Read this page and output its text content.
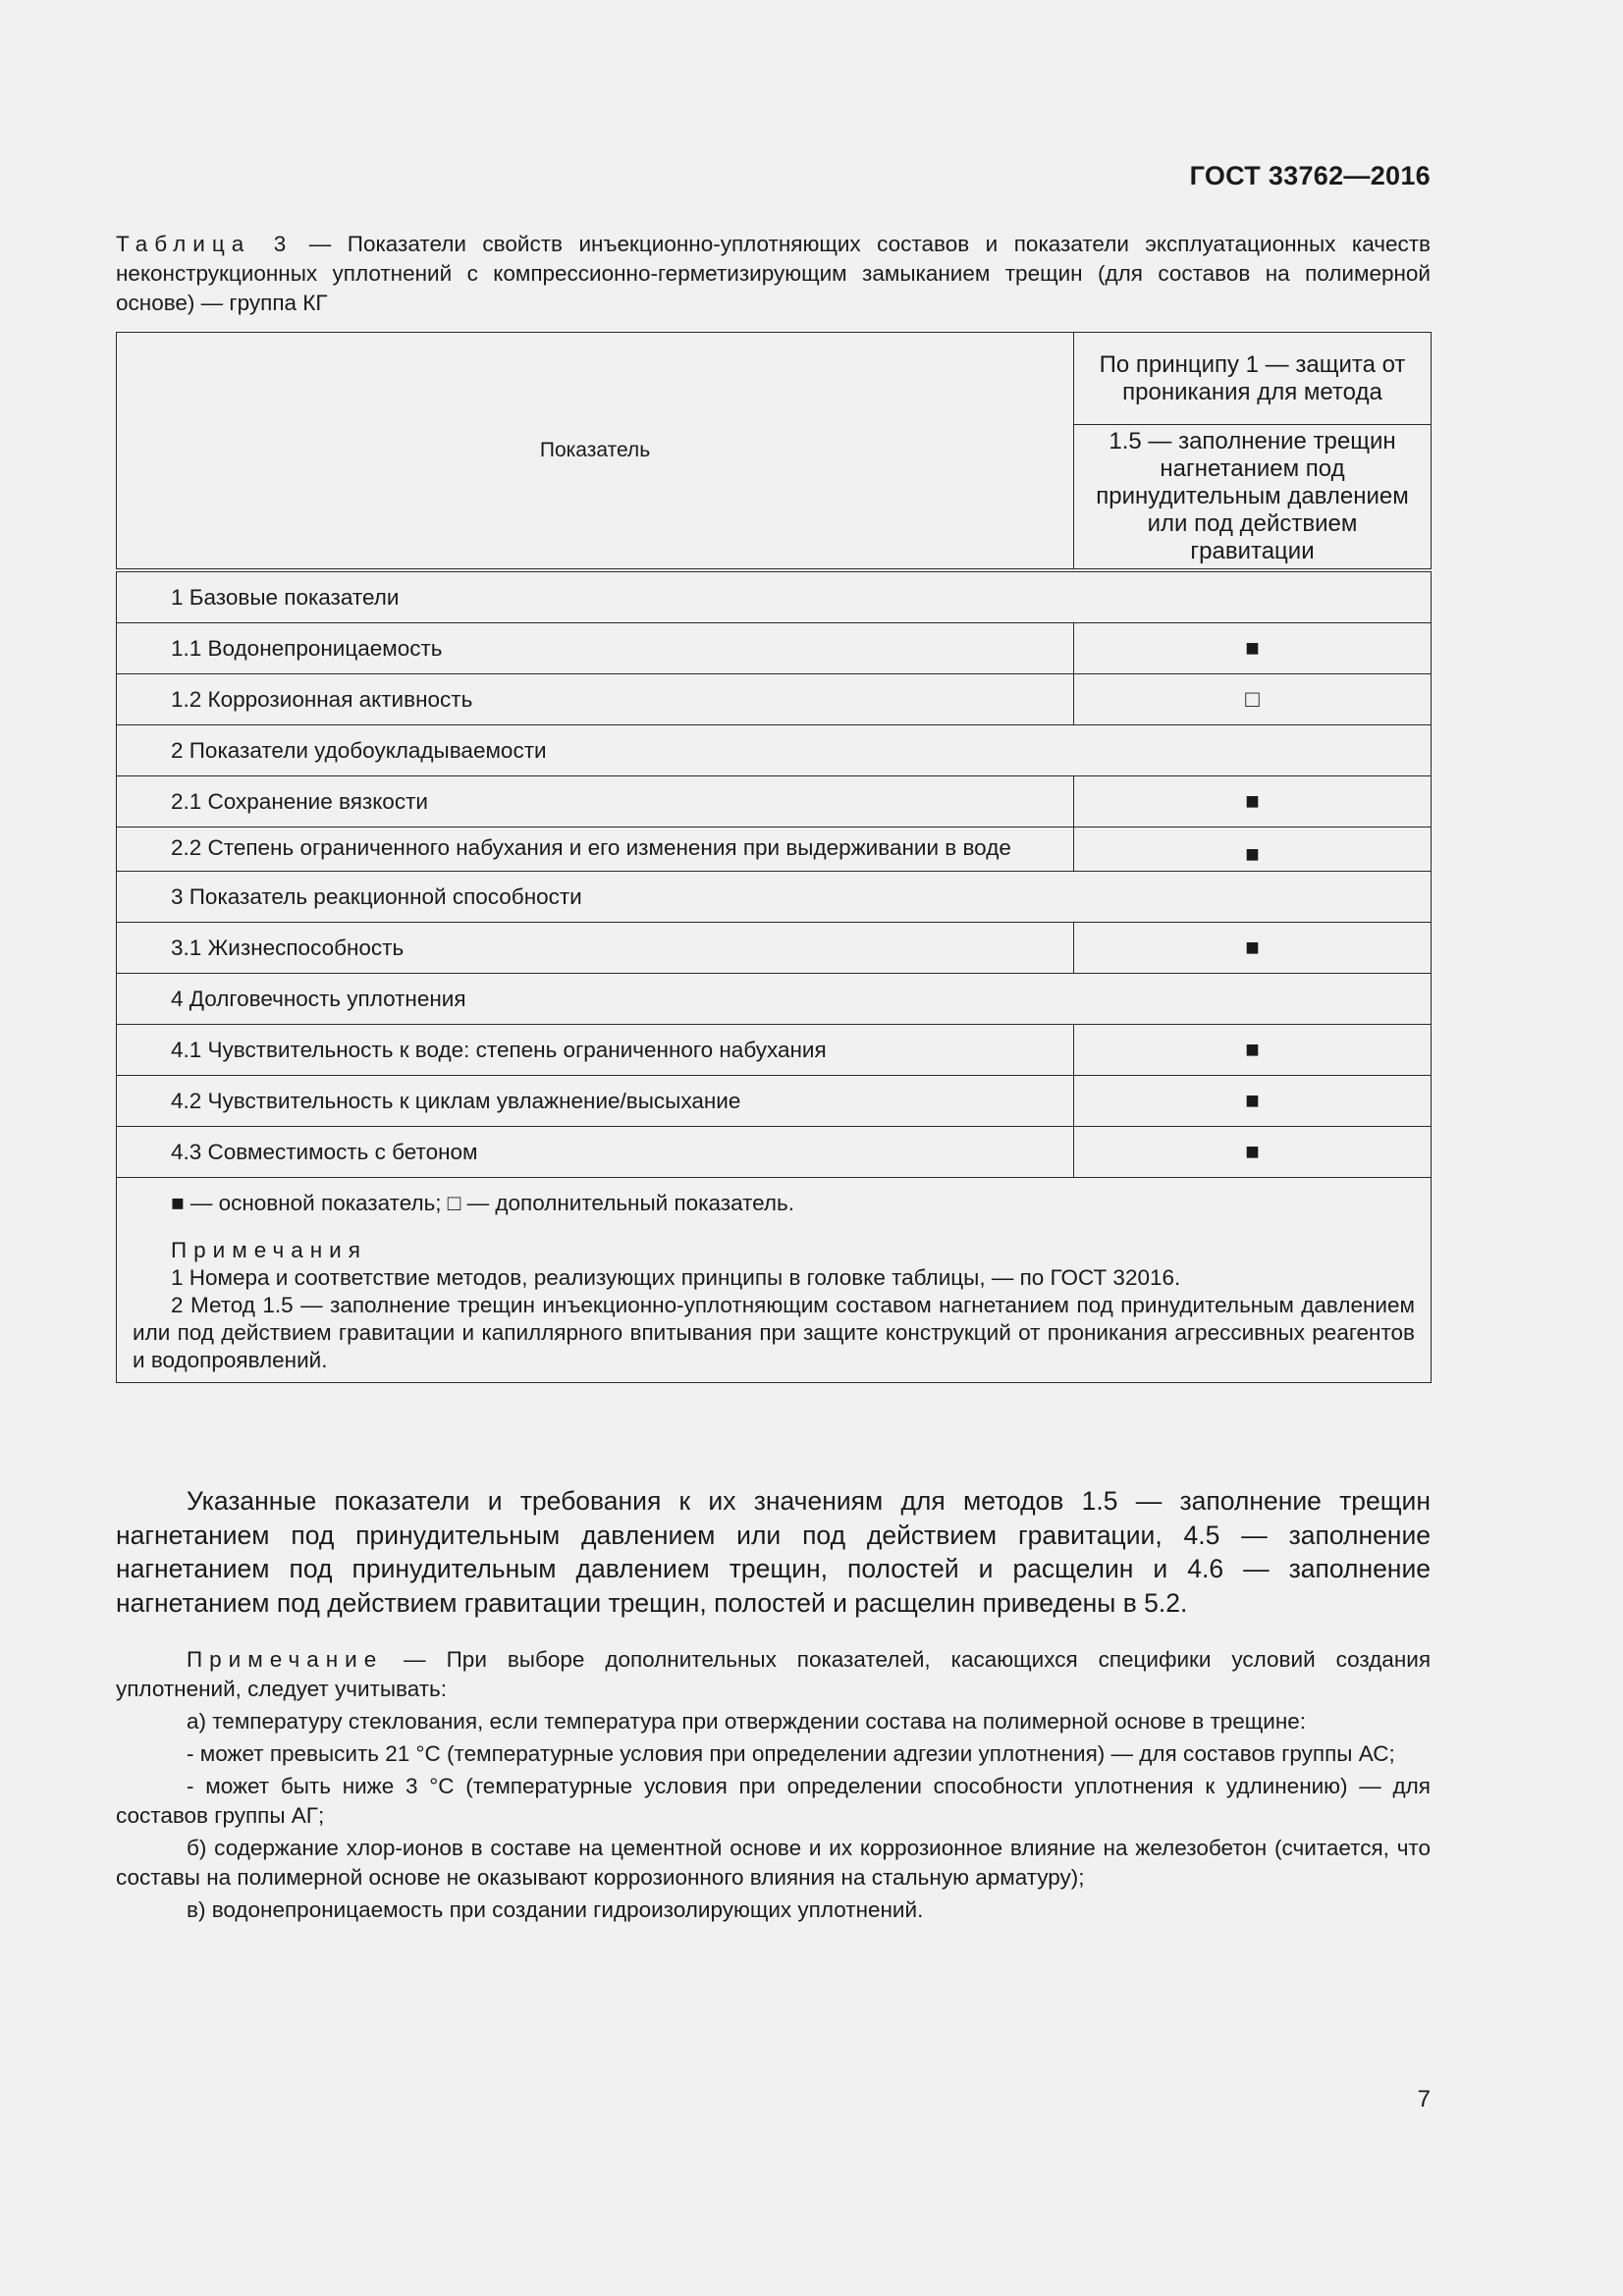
ГОСТ 33762—2016
Таблица 3 — Показатели свойств инъекционно-уплотняющих составов и показатели эксплуатационных качеств неконструкционных уплотнений с компрессионно-герметизирующим замыканием трещин (для составов на полимерной основе) — группа КГ
Показатель	По принципу 1 — защита от проникания для метода
	1.5 — заполнение трещин нагнетанием под принудительным давлением или под действием гравитации
1 Базовые показатели	
1.1 Водонепроницаемость	■
1.2 Коррозионная активность	□
2 Показатели удобоукладываемости	
2.1 Сохранение вязкости	■
2.2 Степень ограниченного набухания и его изменения при выдерживании в воде	■
3 Показатель реакционной способности	
3.1 Жизнеспособность	■
4 Долговечность уплотнения	
4.1 Чувствительность к воде: степень ограниченного набухания	■
4.2 Чувствительность к циклам увлажнение/высыхание	■
4.3 Совместимость с бетоном	■

■ — основной показатель; □ — дополнительный показатель.
Примечания
1 Номера и соответствие методов, реализующих принципы в головке таблицы, — по ГОСТ 32016.
2 Метод 1.5 — заполнение трещин инъекционно-уплотняющим составом нагнетанием под принудительным давлением или под действием гравитации и капиллярного впитывания при защите конструкций от проникания агрессивных реагентов и водопроявлений.	

Указанные показатели и требования к их значениям для методов 1.5 — заполнение трещин нагнетанием под принудительным давлением или под действием гравитации, 4.5 — заполнение нагнетанием под принудительным давлением трещин, полостей и расщелин и 4.6 — заполнение нагнетанием под действием гравитации трещин, полостей и расщелин приведены в 5.2.

Примечание — При выборе дополнительных показателей, касающихся специфики условий создания уплотнений, следует учитывать:

а) температуру стеклования, если температура при отверждении состава на полимерной основе в трещине:

- может превысить 21 °С (температурные условия при определении адгезии уплотнения) — для составов группы АС;

- может быть ниже 3 °С (температурные условия при определении способности уплотнения к удлинению) — для составов группы АГ;

б) содержание хлор-ионов в составе на цементной основе и их коррозионное влияние на железобетон (считается, что составы на полимерной основе не оказывают коррозионного влияния на стальную арматуру);

в) водонепроницаемость при создании гидроизолирующих уплотнений.

7
